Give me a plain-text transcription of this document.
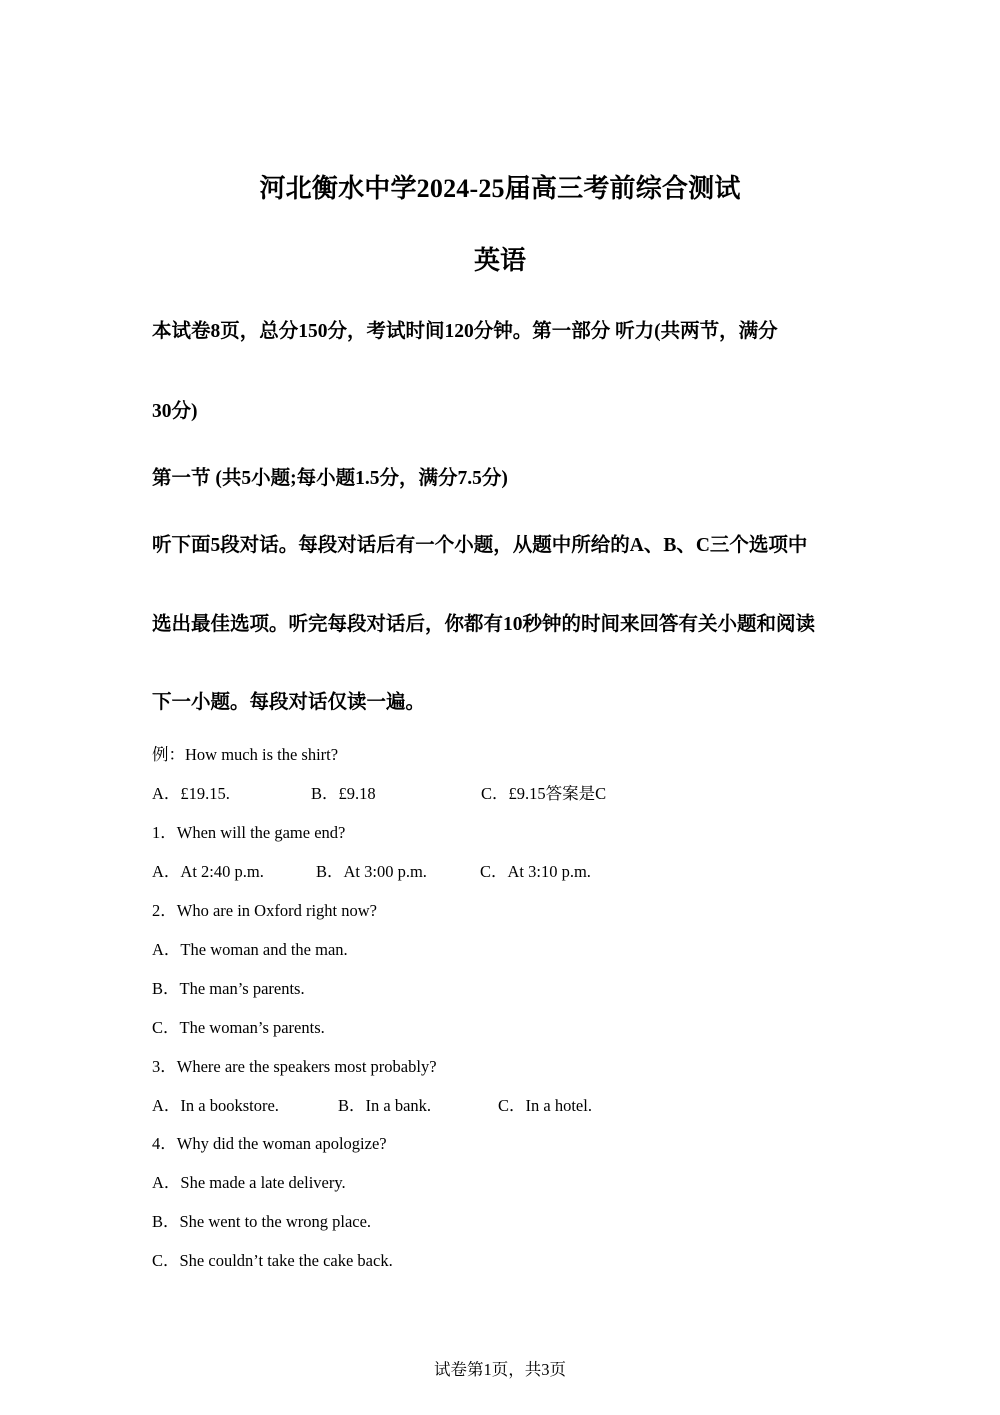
河北衡水中学2024-25届高三考前综合测试
英语
本试卷8页，总分150分，考试时间120分钟。第一部分 听力(共两节，满分
30分)
第一节 (共5小题;每小题1.5分，满分7.5分)
听下面5段对话。每段对话后有一个小题，从题中所给的A、B、C三个选项中
选出最佳选项。听完每段对话后，你都有10秒钟的时间来回答有关小题和阅读
下一小题。每段对话仅读一遍。
例：How much is the shirt?
A．£19.15.	B．£9.18	C．£9.15答案是C
1．When will the game end?
A．At 2:40 p.m.	B．At 3:00 p.m.	C．At 3:10 p.m.
2．Who are in Oxford right now?
A．The woman and the man.
B．The man’s parents.
C．The woman’s parents.
3．Where are the speakers most probably?
A．In a bookstore.	B．In a bank.	C．In a hotel.
4．Why did the woman apologize?
A．She made a late delivery.
B．She went to the wrong place.
C．She couldn’t take the cake back.
试卷第1页，共3页
